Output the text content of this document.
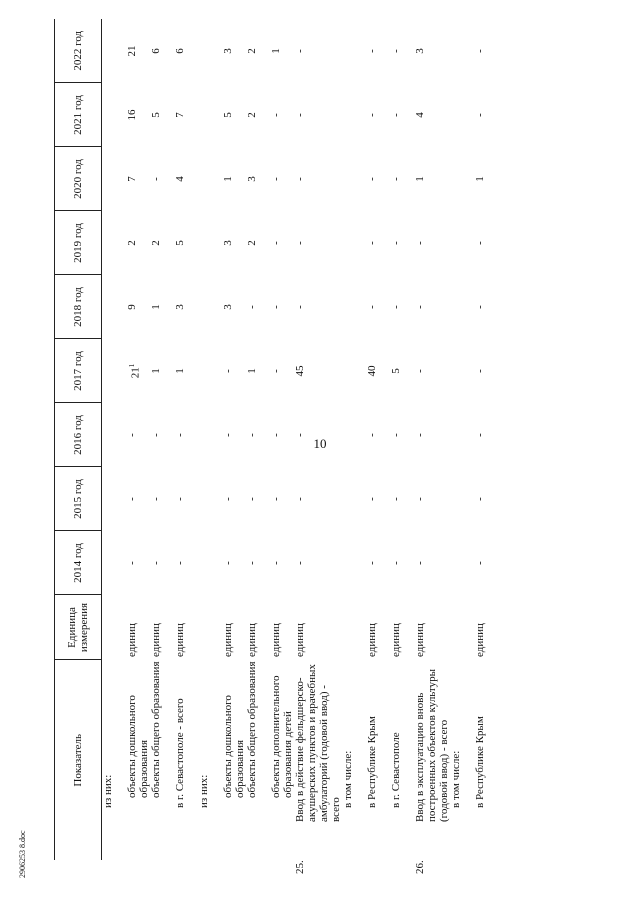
10
2906253 8.doc
Показатель	Единица измерения	2014 год	2015 год	2016 год	2017 год	2018 год	2019 год	2020 год	2021 год	2022 год

из них:										

объекты дошкольного образования	единиц	-	-	-	$21^1$	9	2	7	16	21

объекты общего образования	единиц	-	-	-	1	1	2	-	5	6

в г. Севастополе - всего	единиц	-	-	-	1	3	5	4	7	6

из них:										

объекты дошкольного образования	единиц	-	-	-	-	3	3	1	5	3

объекты общего образования	единиц	-	-	-	1	-	2	3	2	2

объекты дополнительного образования детей	единиц	-	-	-	-	-	-	-	-	1

25.Ввод в действие фельдшерско-акушерских пунктов и врачебных амбулаторий (годовой ввод) - всего	единиц	-	-	-	45	-	-	-	-	-

в том числе:										

в Республике Крым	единиц	-	-	-	40	-	-	-	-	-

в г. Севастополе	единиц	-	-	-	5	-	-	-	-	-

26.Ввод в эксплуатацию вновь построенных объектов культуры (годовой ввод) - всего	единиц	-	-	-	-	-	-	1	4	3

в том числе:										

в Республике Крым	единиц	-	-	-	-	-	-	1	-	-
